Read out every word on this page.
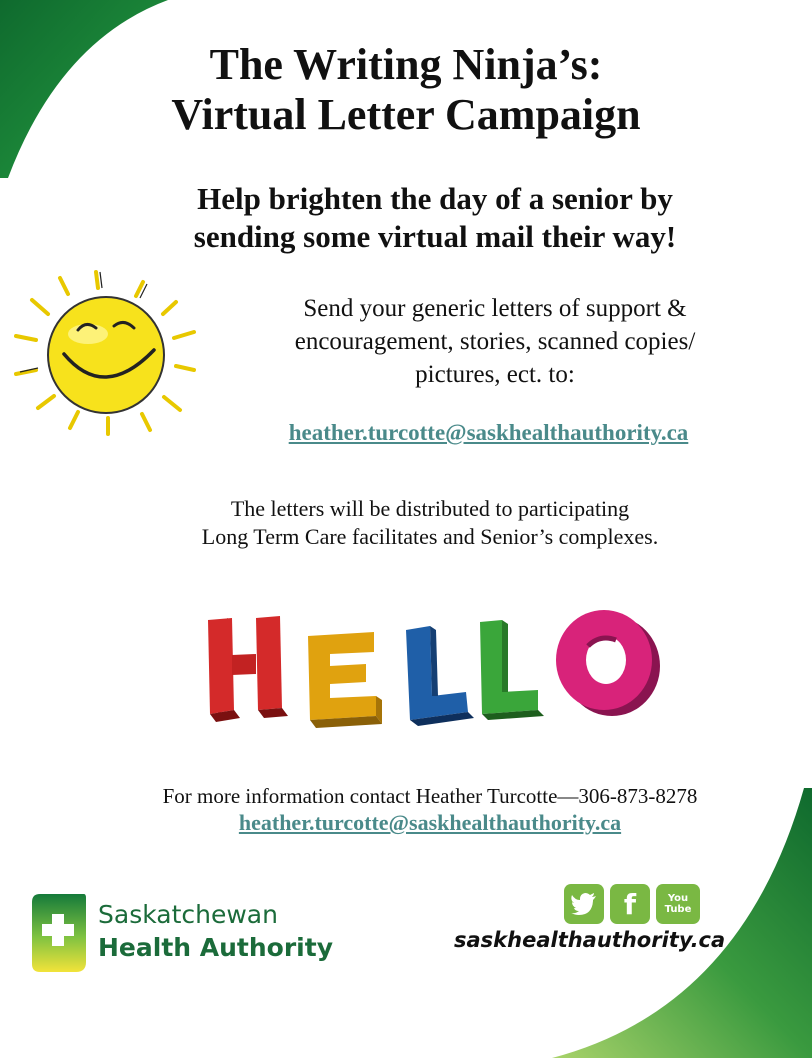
The Writing Ninja’s:
Virtual Letter Campaign
Help brighten the day of a senior by
sending some virtual mail their way!
Send your generic letters of support &
encouragement, stories, scanned copies/
pictures, ect. to:
heather.turcotte@saskhealthauthority.ca
The letters will be distributed to participating
Long Term Care facilitates and Senior’s complexes.
For more information contact Heather Turcotte—306-873-8278
heather.turcotte@saskhealthauthority.ca
Saskatchewan
Health Authority
f	You Tube
saskhealthauthority.ca
